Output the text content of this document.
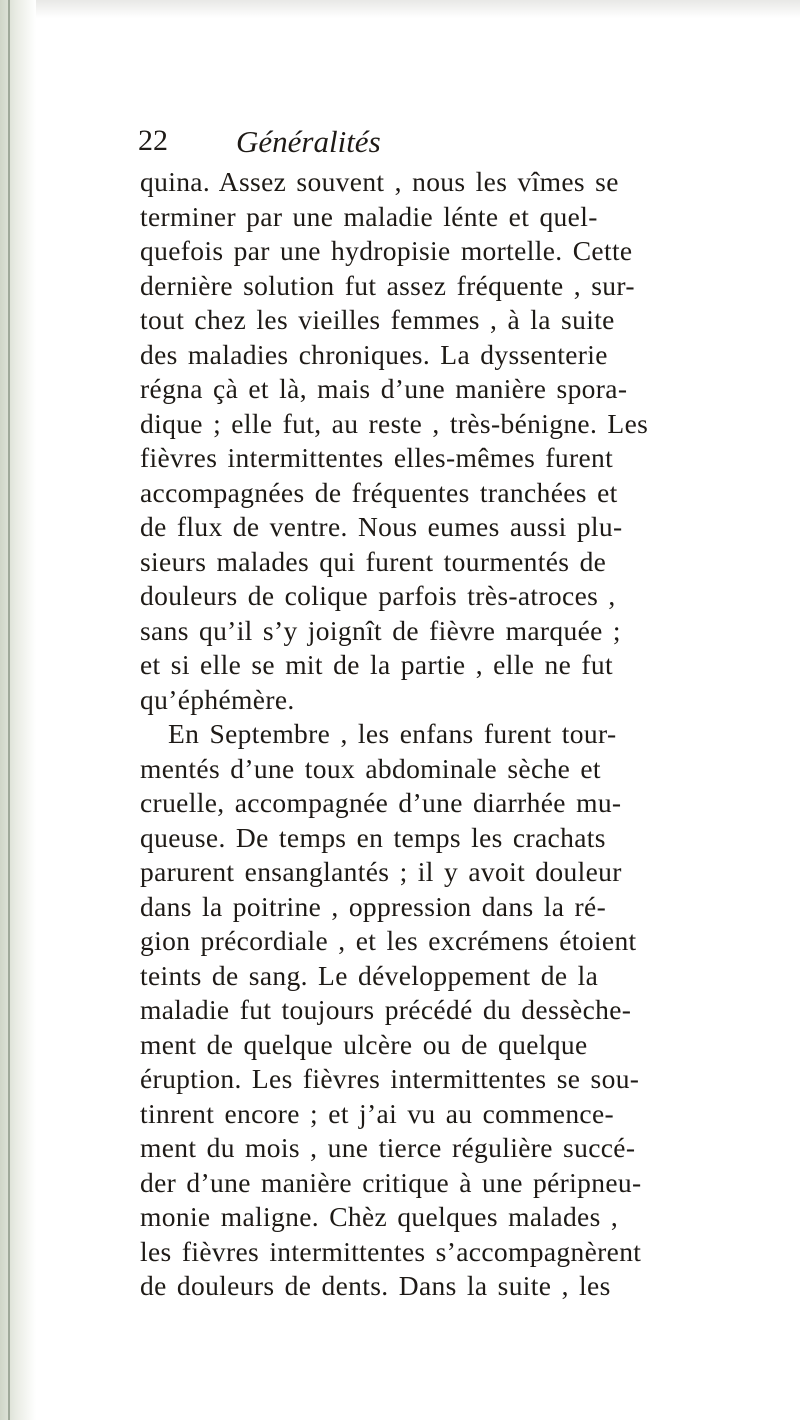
22 Généralités
quina. Assez souvent , nous les vîmes se
terminer par une maladie lénte et quel-
quefois par une hydropisie mortelle. Cette
dernière solution fut assez fréquente , sur-
tout chez les vieilles femmes , à la suite
des maladies chroniques. La dyssenterie
régna çà et là, mais d’une manière spora-
dique ; elle fut, au reste , très-bénigne. Les
fièvres intermittentes elles-mêmes furent
accompagnées de fréquentes tranchées et
de flux de ventre. Nous eumes aussi plu-
sieurs malades qui furent tourmentés de
douleurs de colique parfois très-atroces ,
sans qu’il s’y joignît de fièvre marquée ;
et si elle se mit de la partie , elle ne fut
qu’éphémère.
En Septembre , les enfans furent tour-
mentés d’une toux abdominale sèche et
cruelle, accompagnée d’une diarrhée mu-
queuse. De temps en temps les crachats
parurent ensanglantés ; il y avoit douleur
dans la poitrine , oppression dans la ré-
gion précordiale , et les excrémens étoient
teints de sang. Le développement de la
maladie fut toujours précédé du dessèche-
ment de quelque ulcère ou de quelque
éruption. Les fièvres intermittentes se sou-
tinrent encore ; et j’ai vu au commence-
ment du mois , une tierce régulière succé-
der d’une manière critique à une péripneu-
monie maligne. Chèz quelques malades ,
les fièvres intermittentes s’accompagnèrent
de douleurs de dents. Dans la suite , les
